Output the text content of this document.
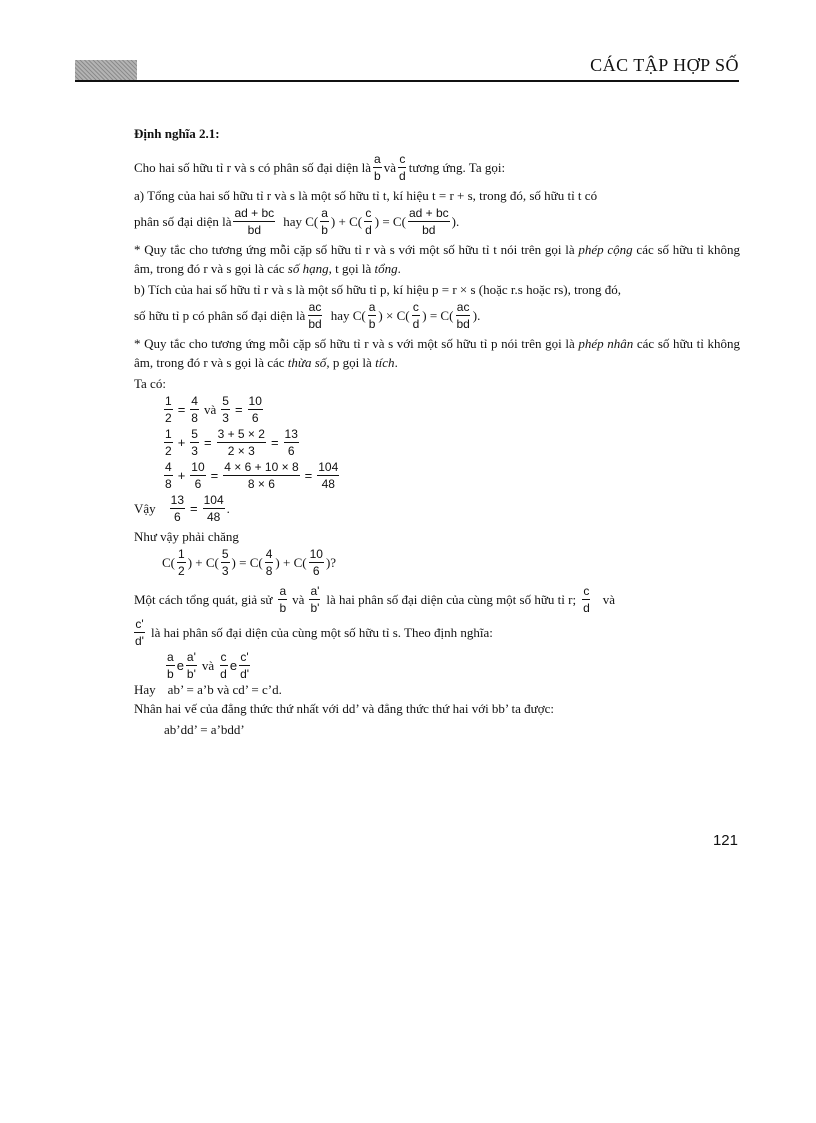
CÁC TẬP HỢP SỐ

Định nghĩa 2.1:

Cho hai số hữu tỉ r và s có phân số đại diện là
a
b
và
c
d
tương ứng. Ta gọi:

a) Tổng của hai số hữu tỉ r và s là một số hữu tỉ t, kí hiệu t = r + s, trong đó, số hữu tỉ t có

phân số đại diện là
ad + bc
bd
hay C(
a
b
) + C(
c
d
) = C(
ad + bc
bd
).

* Quy tắc cho tương ứng mỗi cặp số hữu tỉ r và s với một số hữu tỉ t nói trên gọi là phép cộng các số hữu tỉ không âm, trong đó r và s gọi là các số hạng, t gọi là tổng.

b) Tích của hai số hữu tỉ r và s là một số hữu tỉ p, kí hiệu p = r × s (hoặc r.s hoặc rs), trong đó,

số hữu tỉ p có phân số đại diện là
ac
bd
hay C(
a
b
) × C(
c
d
) = C(
ac
bd
).

* Quy tắc cho tương ứng mỗi cặp số hữu tỉ r và s với một số hữu tỉ p nói trên gọi là phép nhân các số hữu tỉ không âm, trong đó r và s gọi là các thừa số, p gọi là tích.

Ta có:

$\frac{1}{2} = \frac{4}{8}$ và $\frac{5}{3} = \frac{10}{6}$
1
2
+ $\frac{5}{3} = \frac{3 + 5 \times 2}{2 \times 3} = \frac{13}{6}$
4
8
+ $\frac{10}{6} = \frac{4 \times 6 + 10 \times 8}{8 \times 6} = \frac{104}{48}$
Vậy $\frac{13}{6} = \frac{104}{48}$ .

Như vậy phải chăng

C(
1
2
) + C(
5
3
) = C(
4
8
) + C(
10
6
)?
Một cách tổng quát, giả sử
a
b
và
a'
b'
là hai phân số đại diện của cùng một số hữu tỉ r;
c
d
và
c'
d'
là hai phân số đại diện của cùng một số hữu tỉ s. Theo định nghĩa:
a
b
e
a'
b'
và
c
d
e
c'
d'
Hay ab’ = a’b và cd’ = c’d.

Nhân hai vế của đẳng thức thứ nhất với dd’ và đẳng thức thứ hai với bb’ ta được:

ab’dd’ = a’bdd’

121
